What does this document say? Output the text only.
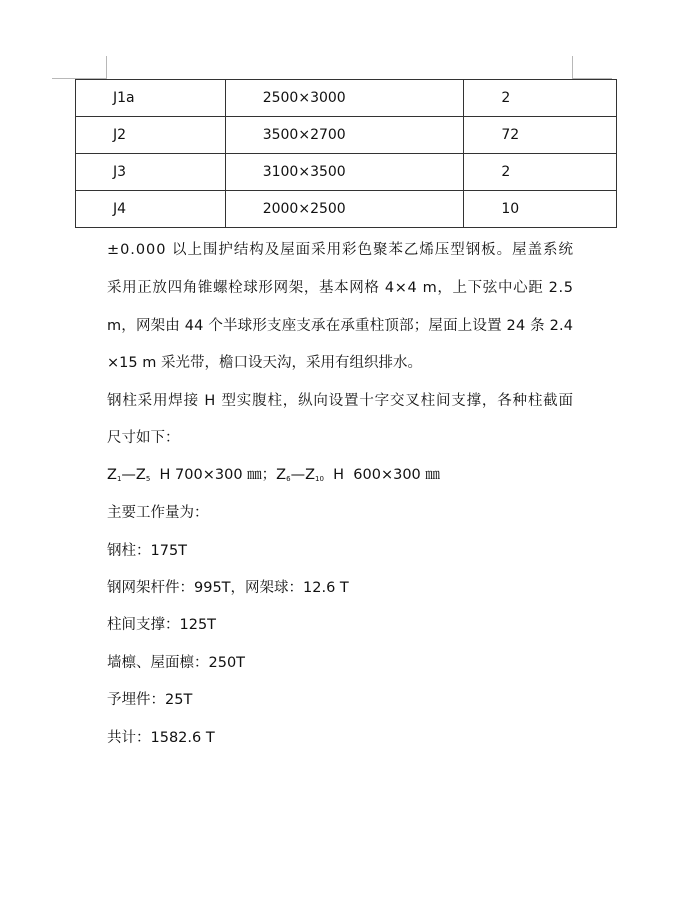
J1a	2500×3000	2
J2	3500×2700	72
J3	3100×3500	2
J4	2000×2500	10
±0.000 以上围护结构及屋面采用彩色聚苯乙烯压型钢板。屋盖系统
采用正放四角锥螺栓球形网架，基本网格 4×4 m，上下弦中心距 2.5
m，网架由 44 个半球形支座支承在承重柱顶部；屋面上设置 24 条 2.4
×15 m 采光带，檐口设天沟，采用有组织排水。
钢柱采用焊接 H 型实腹柱，纵向设置十字交叉柱间支撑，各种柱截面
尺寸如下：
$Z_1—Z_5$  H 700×300 ㎜；$Z_6—Z_{10}$  H  600×300 ㎜
主要工作量为：
钢柱：175T
钢网架杆件：995T，网架球：12.6 T
柱间支撑：125T
墙檩、屋面檩：250T
予埋件：25T
共计：1582.6 T
